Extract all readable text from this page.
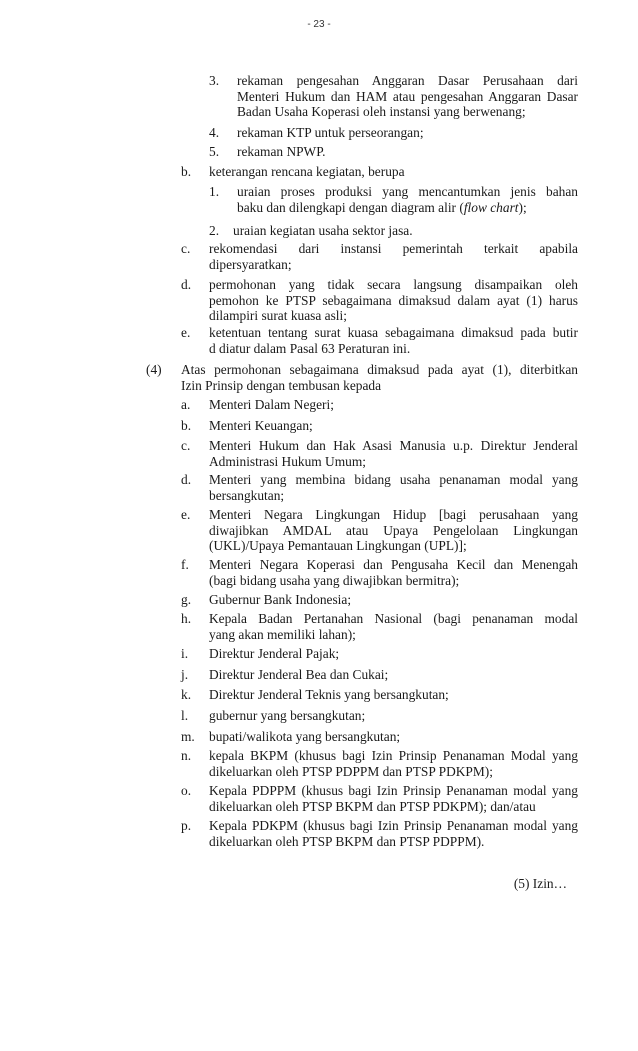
- 23 -
3. rekaman pengesahan Anggaran Dasar Perusahaan dari
Menteri Hukum dan HAM atau pengesahan Anggaran Dasar
Badan Usaha Koperasi oleh instansi yang berwenang;
4. rekaman KTP untuk perseorangan;
5. rekaman NPWP.
b. keterangan rencana kegiatan, berupa
1. uraian proses produksi yang mencantumkan jenis bahan
baku dan dilengkapi dengan diagram alir (flow chart);
2. uraian kegiatan usaha sektor jasa.
c. rekomendasi dari instansi pemerintah terkait apabila
dipersyaratkan;
d. permohonan yang tidak secara langsung disampaikan oleh
pemohon ke PTSP sebagaimana dimaksud dalam ayat (1) harus
dilampiri surat kuasa asli;
e. ketentuan tentang surat kuasa sebagaimana dimaksud pada butir
d diatur dalam Pasal 63 Peraturan ini.
(4) Atas permohonan sebagaimana dimaksud pada ayat (1), diterbitkan
Izin Prinsip dengan tembusan kepada
a. Menteri Dalam Negeri;
b. Menteri Keuangan;
c. Menteri Hukum dan Hak Asasi Manusia u.p. Direktur Jenderal
Administrasi Hukum Umum;
d. Menteri yang membina bidang usaha penanaman modal yang
bersangkutan;
e. Menteri Negara Lingkungan Hidup [bagi perusahaan yang
diwajibkan AMDAL atau Upaya Pengelolaan Lingkungan
(UKL)/Upaya Pemantauan Lingkungan (UPL)];
f. Menteri Negara Koperasi dan Pengusaha Kecil dan Menengah
(bagi bidang usaha yang diwajibkan bermitra);
g. Gubernur Bank Indonesia;
h. Kepala Badan Pertanahan Nasional (bagi penanaman modal
yang akan memiliki lahan);
i. Direktur Jenderal Pajak;
j. Direktur Jenderal Bea dan Cukai;
k. Direktur Jenderal Teknis yang bersangkutan;
l. gubernur yang bersangkutan;
m. bupati/walikota yang bersangkutan;
n. kepala BKPM (khusus bagi Izin Prinsip Penanaman Modal yang
dikeluarkan oleh PTSP PDPPM dan PTSP PDKPM);
o. Kepala PDPPM (khusus bagi Izin Prinsip Penanaman modal yang
dikeluarkan oleh PTSP BKPM dan PTSP PDKPM); dan/atau
p. Kepala PDKPM (khusus bagi Izin Prinsip Penanaman modal yang
dikeluarkan oleh PTSP BKPM dan PTSP PDPPM).
(5) Izin…
